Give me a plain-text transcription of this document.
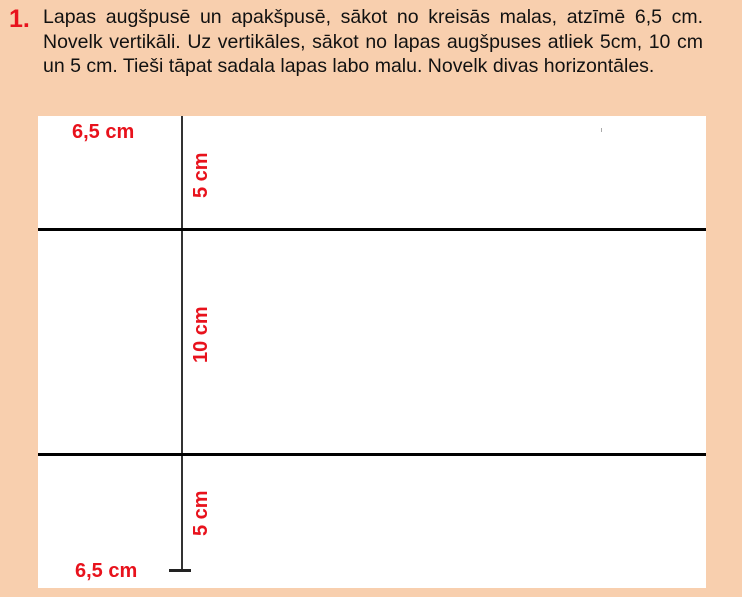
1. Lapas augšpusē un apakšpusē, sākot no kreisās malas, atzīmē 6,5 cm. Novelk vertikāli. Uz vertikāles, sākot no lapas augšpuses atliek 5cm, 10 cm un 5 cm. Tieši tāpat sadala lapas labo malu. Novelk divas horizontāles.
6,5 cm
6,5 cm
5 cm
10 cm
5 cm
